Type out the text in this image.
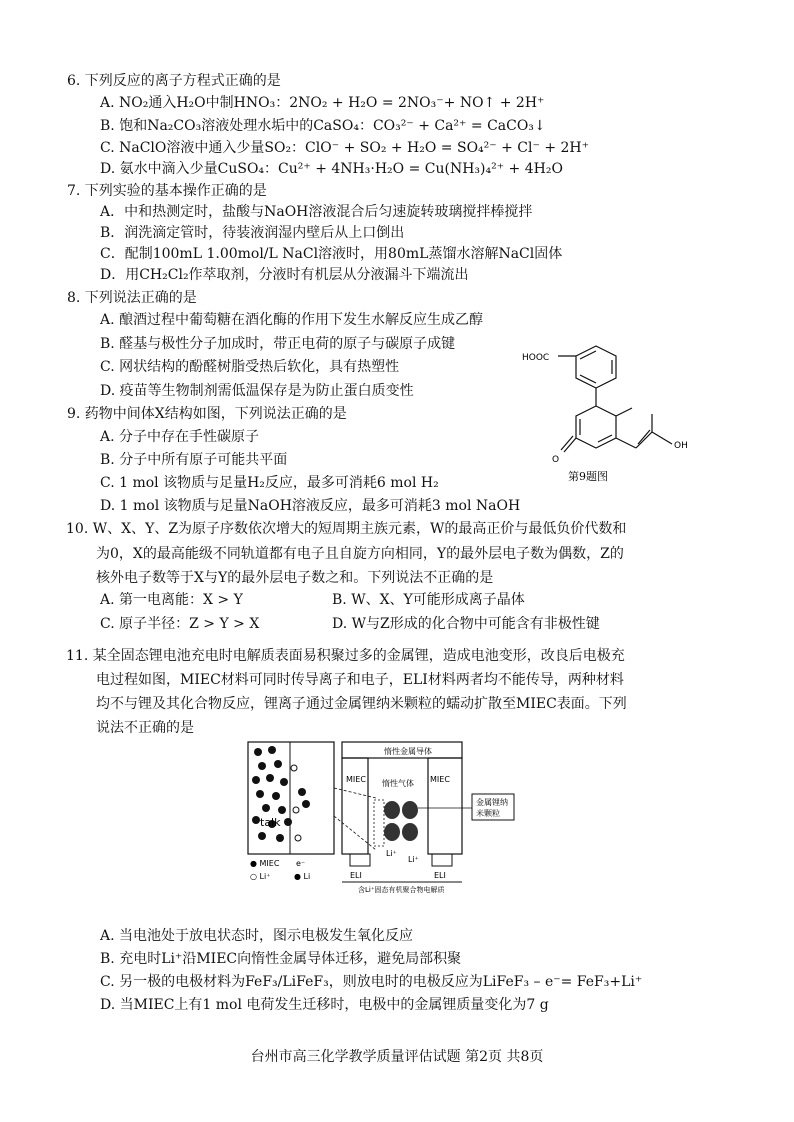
6. 下列反应的离子方程式正确的是
A. NO₂通入H₂O中制HNO₃：2NO₂ + H₂O = 2NO₃⁻+ NO↑ + 2H⁺
B. 饱和Na₂CO₃溶液处理水垢中的CaSO₄：CO₃²⁻ + Ca²⁺ = CaCO₃↓
C. NaClO溶液中通入少量SO₂：ClO⁻ + SO₂ + H₂O = SO₄²⁻ + Cl⁻ + 2H⁺
D. 氨水中滴入少量CuSO₄：Cu²⁺ + 4NH₃·H₂O = Cu(NH₃)₄²⁺ + 4H₂O
7. 下列实验的基本操作正确的是
A．中和热测定时，盐酸与NaOH溶液混合后匀速旋转玻璃搅拌棒搅拌
B．润洗滴定管时，待装液润湿内壁后从上口倒出
C．配制100mL 1.00mol/L NaCl溶液时，用80mL蒸馏水溶解NaCl固体
D．用CH₂Cl₂作萃取剂，分液时有机层从分液漏斗下端流出
8. 下列说法正确的是
A. 酿酒过程中葡萄糖在酒化酶的作用下发生水解反应生成乙醇
B. 醛基与极性分子加成时，带正电荷的原子与碳原子成键
C. 网状结构的酚醛树脂受热后软化，具有热塑性
D. 疫苗等生物制剂需低温保存是为防止蛋白质变性
9. 药物中间体X结构如图，下列说法正确的是
A. 分子中存在手性碳原子
B. 分子中所有原子可能共平面
C. 1 mol 该物质与足量H₂反应，最多可消耗6 mol H₂
D. 1 mol 该物质与足量NaOH溶液反应，最多可消耗3 mol NaOH
HOOC
OH
O
第9题图
10. W、X、Y、Z为原子序数依次增大的短周期主族元素，W的最高正价与最低负价代数和
为0，X的最高能级不同轨道都有电子且自旋方向相同，Y的最外层电子数为偶数，Z的
核外电子数等于X与Y的最外层电子数之和。下列说法不正确的是
A. 第一电离能：X > Y	B. W、X、Y可能形成离子晶体
C. 原子半径：Z > Y > X	D. W与Z形成的化合物中可能含有非极性键
11. 某全固态锂电池充电时电解质表面易积聚过多的金属锂，造成电池变形，改良后电极充
电过程如图，MIEC材料可同时传导离子和电子，ELI材料两者均不能传导，两种材料
均不与锂及其化合物反应，锂离子通过金属锂纳米颗粒的蠕动扩散至MIEC表面。下列
说法不正确的是
talk
● MIEC e⁻
○ Li⁺	● Li
惰性金属导体
MIEC	MIEC
惰性气体
金属锂纳
米颗粒
Li⁺
Li⁺
ELI	ELI
含Li⁺固态有机聚合物电解质
A. 当电池处于放电状态时，图示电极发生氧化反应
B. 充电时Li⁺沿MIEC向惰性金属导体迁移，避免局部积聚
C. 另一极的电极材料为FeF₃/LiFeF₃，则放电时的电极反应为LiFeF₃ – e⁻= FeF₃+Li⁺
D. 当MIEC上有1 mol 电荷发生迁移时，电极中的金属锂质量变化为7 g
台州市高三化学教学质量评估试题 第2页 共8页
